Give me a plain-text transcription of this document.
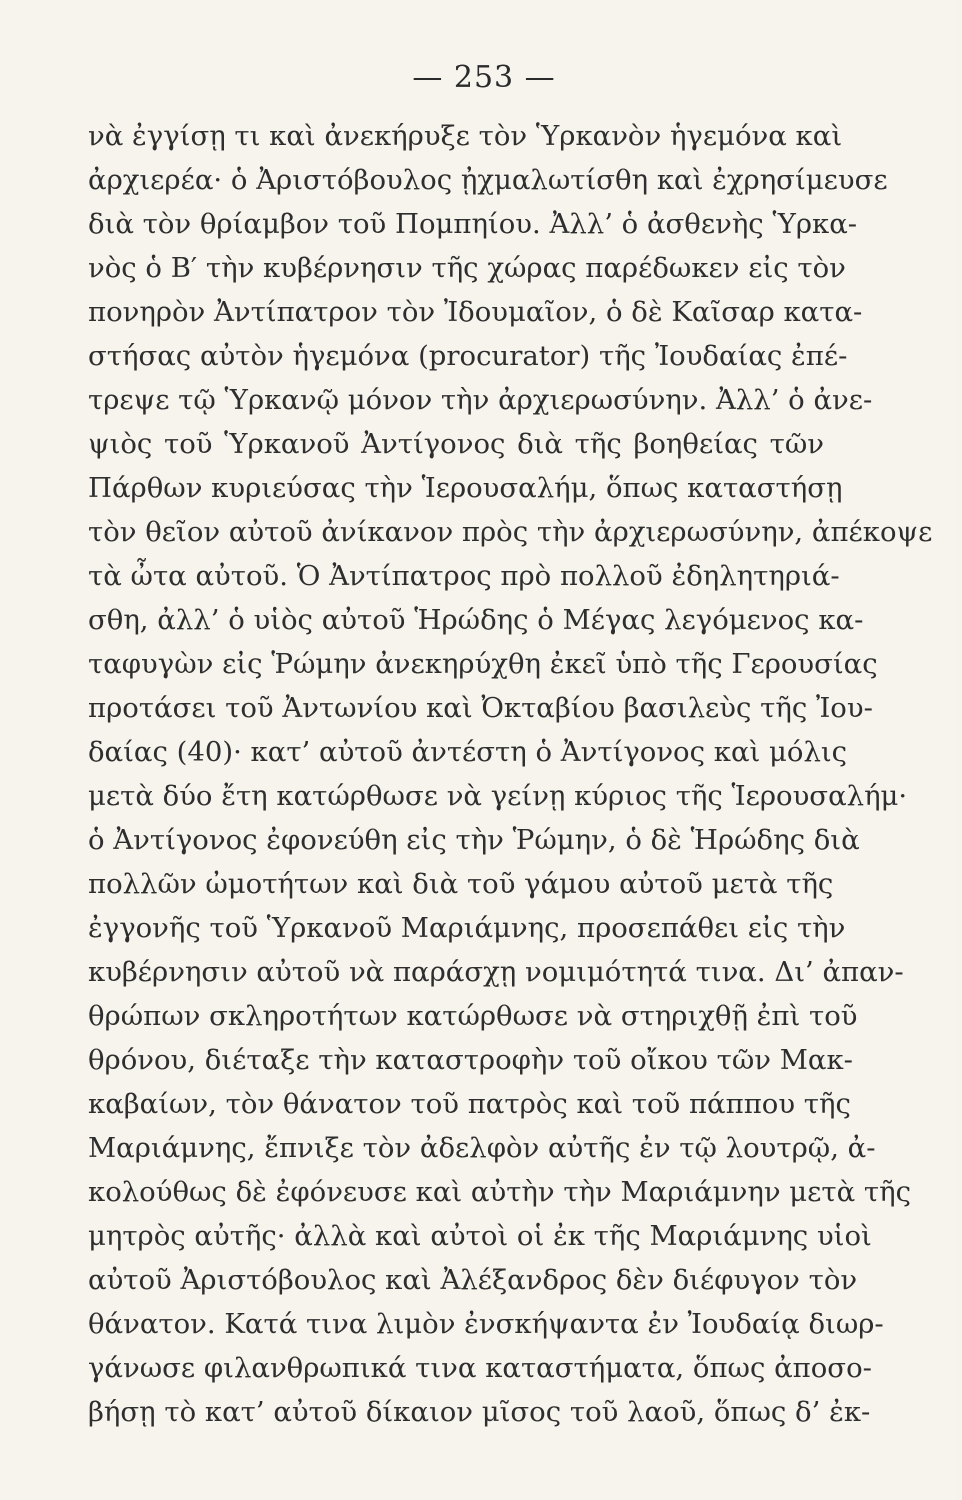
— 253 —
νὰ ἐγγίσῃ τι καὶ ἀνεκήρυξε τὸν Ὑρκανὸν ἡγεμόνα καὶ
ἀρχιερέα· ὁ Ἀριστόβουλος ᾐχμαλωτίσθη καὶ ἐχρησίμευσε
διὰ τὸν θρίαμβον τοῦ Πομπηίου. Ἀλλ’ ὁ ἀσθενὴς Ὑρκα-
νὸς ὁ Β′ τὴν κυβέρνησιν τῆς χώρας παρέδωκεν εἰς τὸν
πονηρὸν Ἀντίπατρον τὸν Ἰδουμαῖον, ὁ δὲ Καῖσαρ κατα-
στήσας αὐτὸν ἡγεμόνα (procurator) τῆς Ἰουδαίας ἐπέ-
τρεψε τῷ Ὑρκανῷ μόνον τὴν ἀρχιερωσύνην. Ἀλλ’ ὁ ἀνε-
ψιὸς τοῦ Ὑρκανοῦ Ἀντίγονος διὰ τῆς βοηθείας τῶν
Πάρθων κυριεύσας τὴν Ἱερουσαλήμ, ὅπως καταστήσῃ
τὸν θεῖον αὐτοῦ ἀνίκανον πρὸς τὴν ἀρχιερωσύνην, ἀπέκοψε
τὰ ὦτα αὐτοῦ. Ὁ Ἀντίπατρος πρὸ πολλοῦ ἐδηλητηριά-
σθη, ἀλλ’ ὁ υἱὸς αὐτοῦ Ἡρώδης ὁ Μέγας λεγόμενος κα-
ταφυγὼν εἰς Ῥώμην ἀνεκηρύχθη ἐκεῖ ὑπὸ τῆς Γερουσίας
προτάσει τοῦ Ἀντωνίου καὶ Ὀκταβίου βασιλεὺς τῆς Ἰου-
δαίας (40)· κατ’ αὐτοῦ ἀντέστη ὁ Ἀντίγονος καὶ μόλις
μετὰ δύο ἔτη κατώρθωσε νὰ γείνῃ κύριος τῆς Ἱερουσαλήμ·
ὁ Ἀντίγονος ἐφονεύθη εἰς τὴν Ῥώμην, ὁ δὲ Ἡρώδης διὰ
πολλῶν ὠμοτήτων καὶ διὰ τοῦ γάμου αὐτοῦ μετὰ τῆς
ἐγγονῆς τοῦ Ὑρκανοῦ Μαριάμνης, προσεπάθει εἰς τὴν
κυβέρνησιν αὐτοῦ νὰ παράσχῃ νομιμότητά τινα. Δι’ ἀπαν-
θρώπων σκληροτήτων κατώρθωσε νὰ στηριχθῇ ἐπὶ τοῦ
θρόνου, διέταξε τὴν καταστροφὴν τοῦ οἴκου τῶν Μακ-
καβαίων, τὸν θάνατον τοῦ πατρὸς καὶ τοῦ πάππου τῆς
Μαριάμνης, ἔπνιξε τὸν ἀδελφὸν αὐτῆς ἐν τῷ λουτρῷ, ἀ-
κολούθως δὲ ἐφόνευσε καὶ αὐτὴν τὴν Μαριάμνην μετὰ τῆς
μητρὸς αὐτῆς· ἀλλὰ καὶ αὐτοὶ οἱ ἐκ τῆς Μαριάμνης υἱοὶ
αὐτοῦ Ἀριστόβουλος καὶ Ἀλέξανδρος δὲν διέφυγον τὸν
θάνατον. Κατά τινα λιμὸν ἐνσκήψαντα ἐν Ἰουδαίᾳ διωρ-
γάνωσε φιλανθρωπικά τινα καταστήματα, ὅπως ἀποσο-
βήσῃ τὸ κατ’ αὐτοῦ δίκαιον μῖσος τοῦ λαοῦ, ὅπως δ’ ἐκ-
